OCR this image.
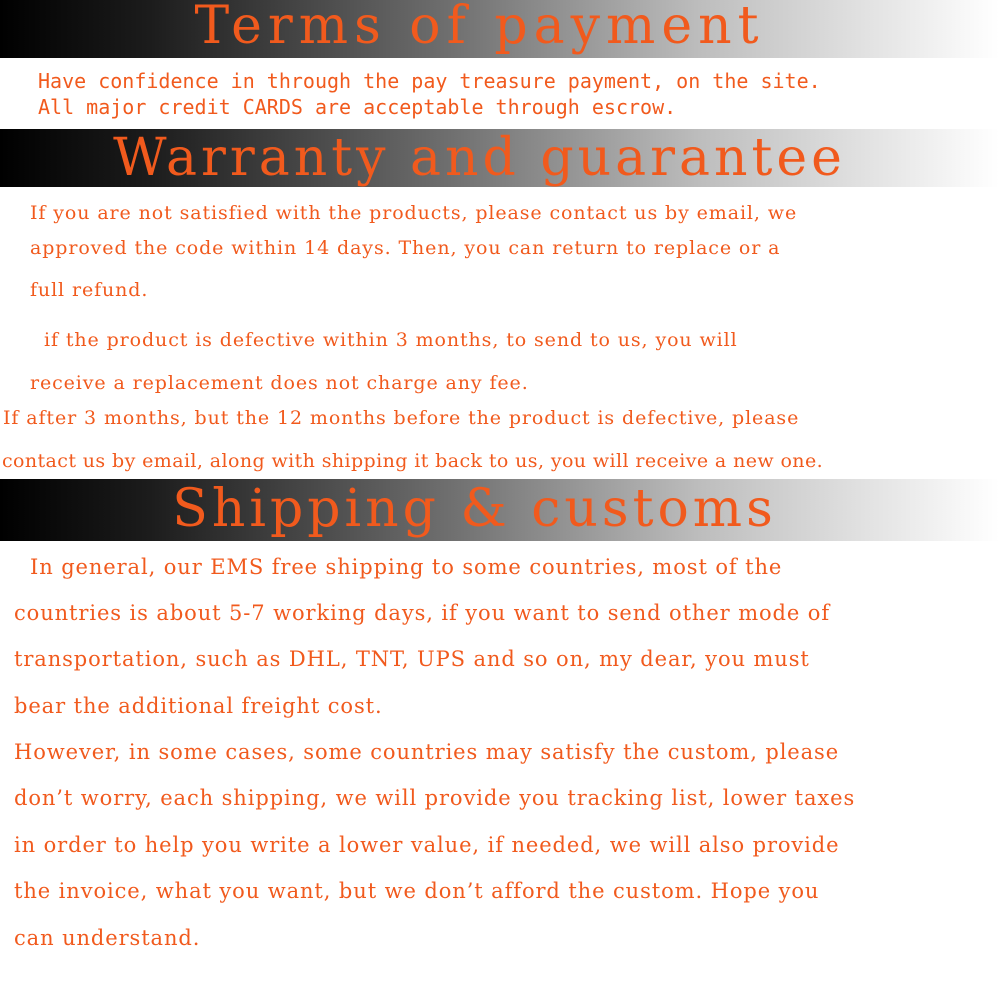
Terms of payment

Have confidence in through the pay treasure payment, on the site.

All major credit CARDS are acceptable through escrow.

Warranty and guarantee

If you are not satisfied with the products, please contact us by email, we

approved the code within 14 days. Then, you can return to replace or a

full refund.

if the product is defective within 3 months, to send to us, you will

receive a replacement does not charge any fee.

If after 3 months, but the 12 months before the product is defective, please

contact us by email, along with shipping it back to us, you will receive a new one.

Shipping & customs

In general, our EMS free shipping to some countries, most of the

countries is about 5-7 working days, if you want to send other mode of

transportation, such as DHL, TNT, UPS and so on, my dear, you must

bear the additional freight cost.

However, in some cases, some countries may satisfy the custom, please

don’t worry, each shipping, we will provide you tracking list, lower taxes

in order to help you write a lower value, if needed, we will also provide

the invoice, what you want, but we don’t afford the custom. Hope you

can understand.
